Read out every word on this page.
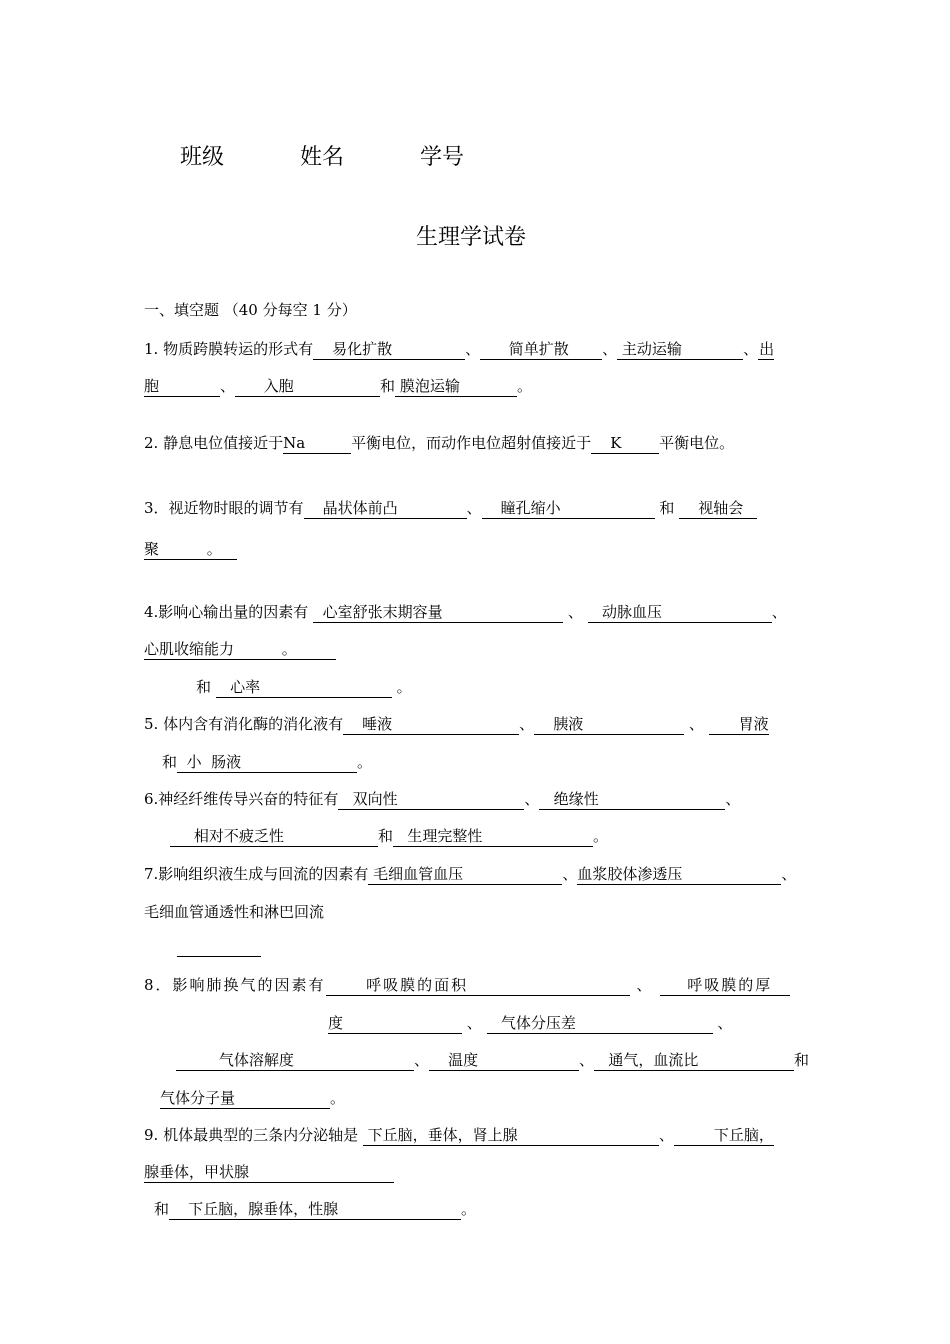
班级	姓名	学号
生理学试卷
一、填空题 （40 分每空 1 分）
1. 物质跨膜转运的形式有 易化扩散	、 简单扩散 、 主动运输	、出
胞	、 入胞	和 膜泡运输	。
2. 静息电位值接近于Na	平衡电位，而动作电位超射值接近于 K	平衡电位。
3．视近物时眼的调节有 晶状体前凸	、 瞳孔缩小	和 视轴会
聚	。
4.影响心输出量的因素有 心室舒张末期容量	、 动脉血压	、
心肌收缩能力	。
和 心率	。
5. 体内含有消化酶的消化液有 唾液	、 胰液	、 胃液
和 小  肠液	。
6.神经纤维传导兴奋的特征有 双向性	、 绝缘性	、
相对不疲乏性	和 生理完整性	。
7.影响组织液生成与回流的因素有 毛细血管血压	、血浆胶体渗透压	、
毛细血管通透性和淋巴回流
8．影响肺换气的因素有	呼吸膜的面积	、 呼吸膜的厚
度	、 气体分压差	、
气体溶解度	、 温度	、 通气，血流比	和
气体分子量	。
9. 机体最典型的三条内分泌轴是 下丘脑，垂体，肾上腺	、	下丘脑，
腺垂体，甲状腺
和 下丘脑，腺垂体，性腺	。
